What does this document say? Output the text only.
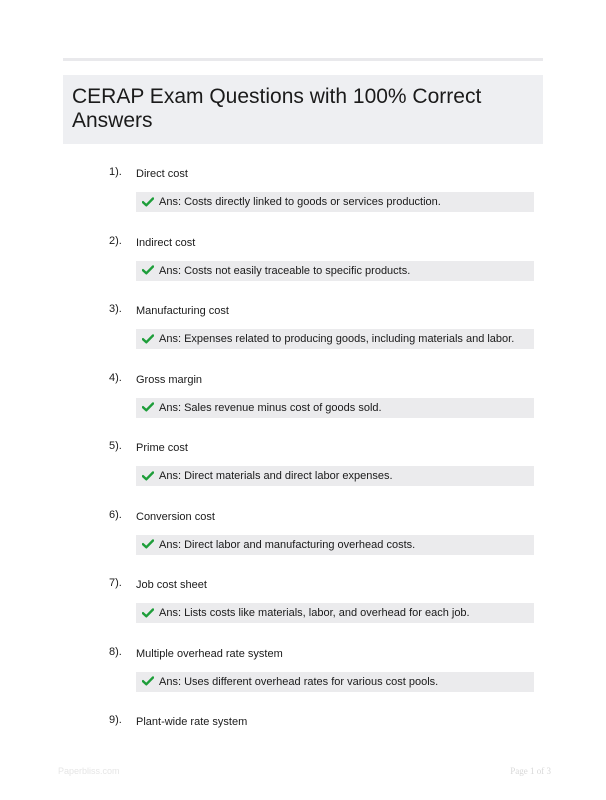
CERAP Exam Questions with 100% Correct Answers
1). Direct cost
Ans: Costs directly linked to goods or services production.
2). Indirect cost
Ans: Costs not easily traceable to specific products.
3). Manufacturing cost
Ans: Expenses related to producing goods, including materials and labor.
4). Gross margin
Ans: Sales revenue minus cost of goods sold.
5). Prime cost
Ans: Direct materials and direct labor expenses.
6). Conversion cost
Ans: Direct labor and manufacturing overhead costs.
7). Job cost sheet
Ans: Lists costs like materials, labor, and overhead for each job.
8). Multiple overhead rate system
Ans: Uses different overhead rates for various cost pools.
9). Plant-wide rate system
Paperbliss.com	Page 1 of 3
